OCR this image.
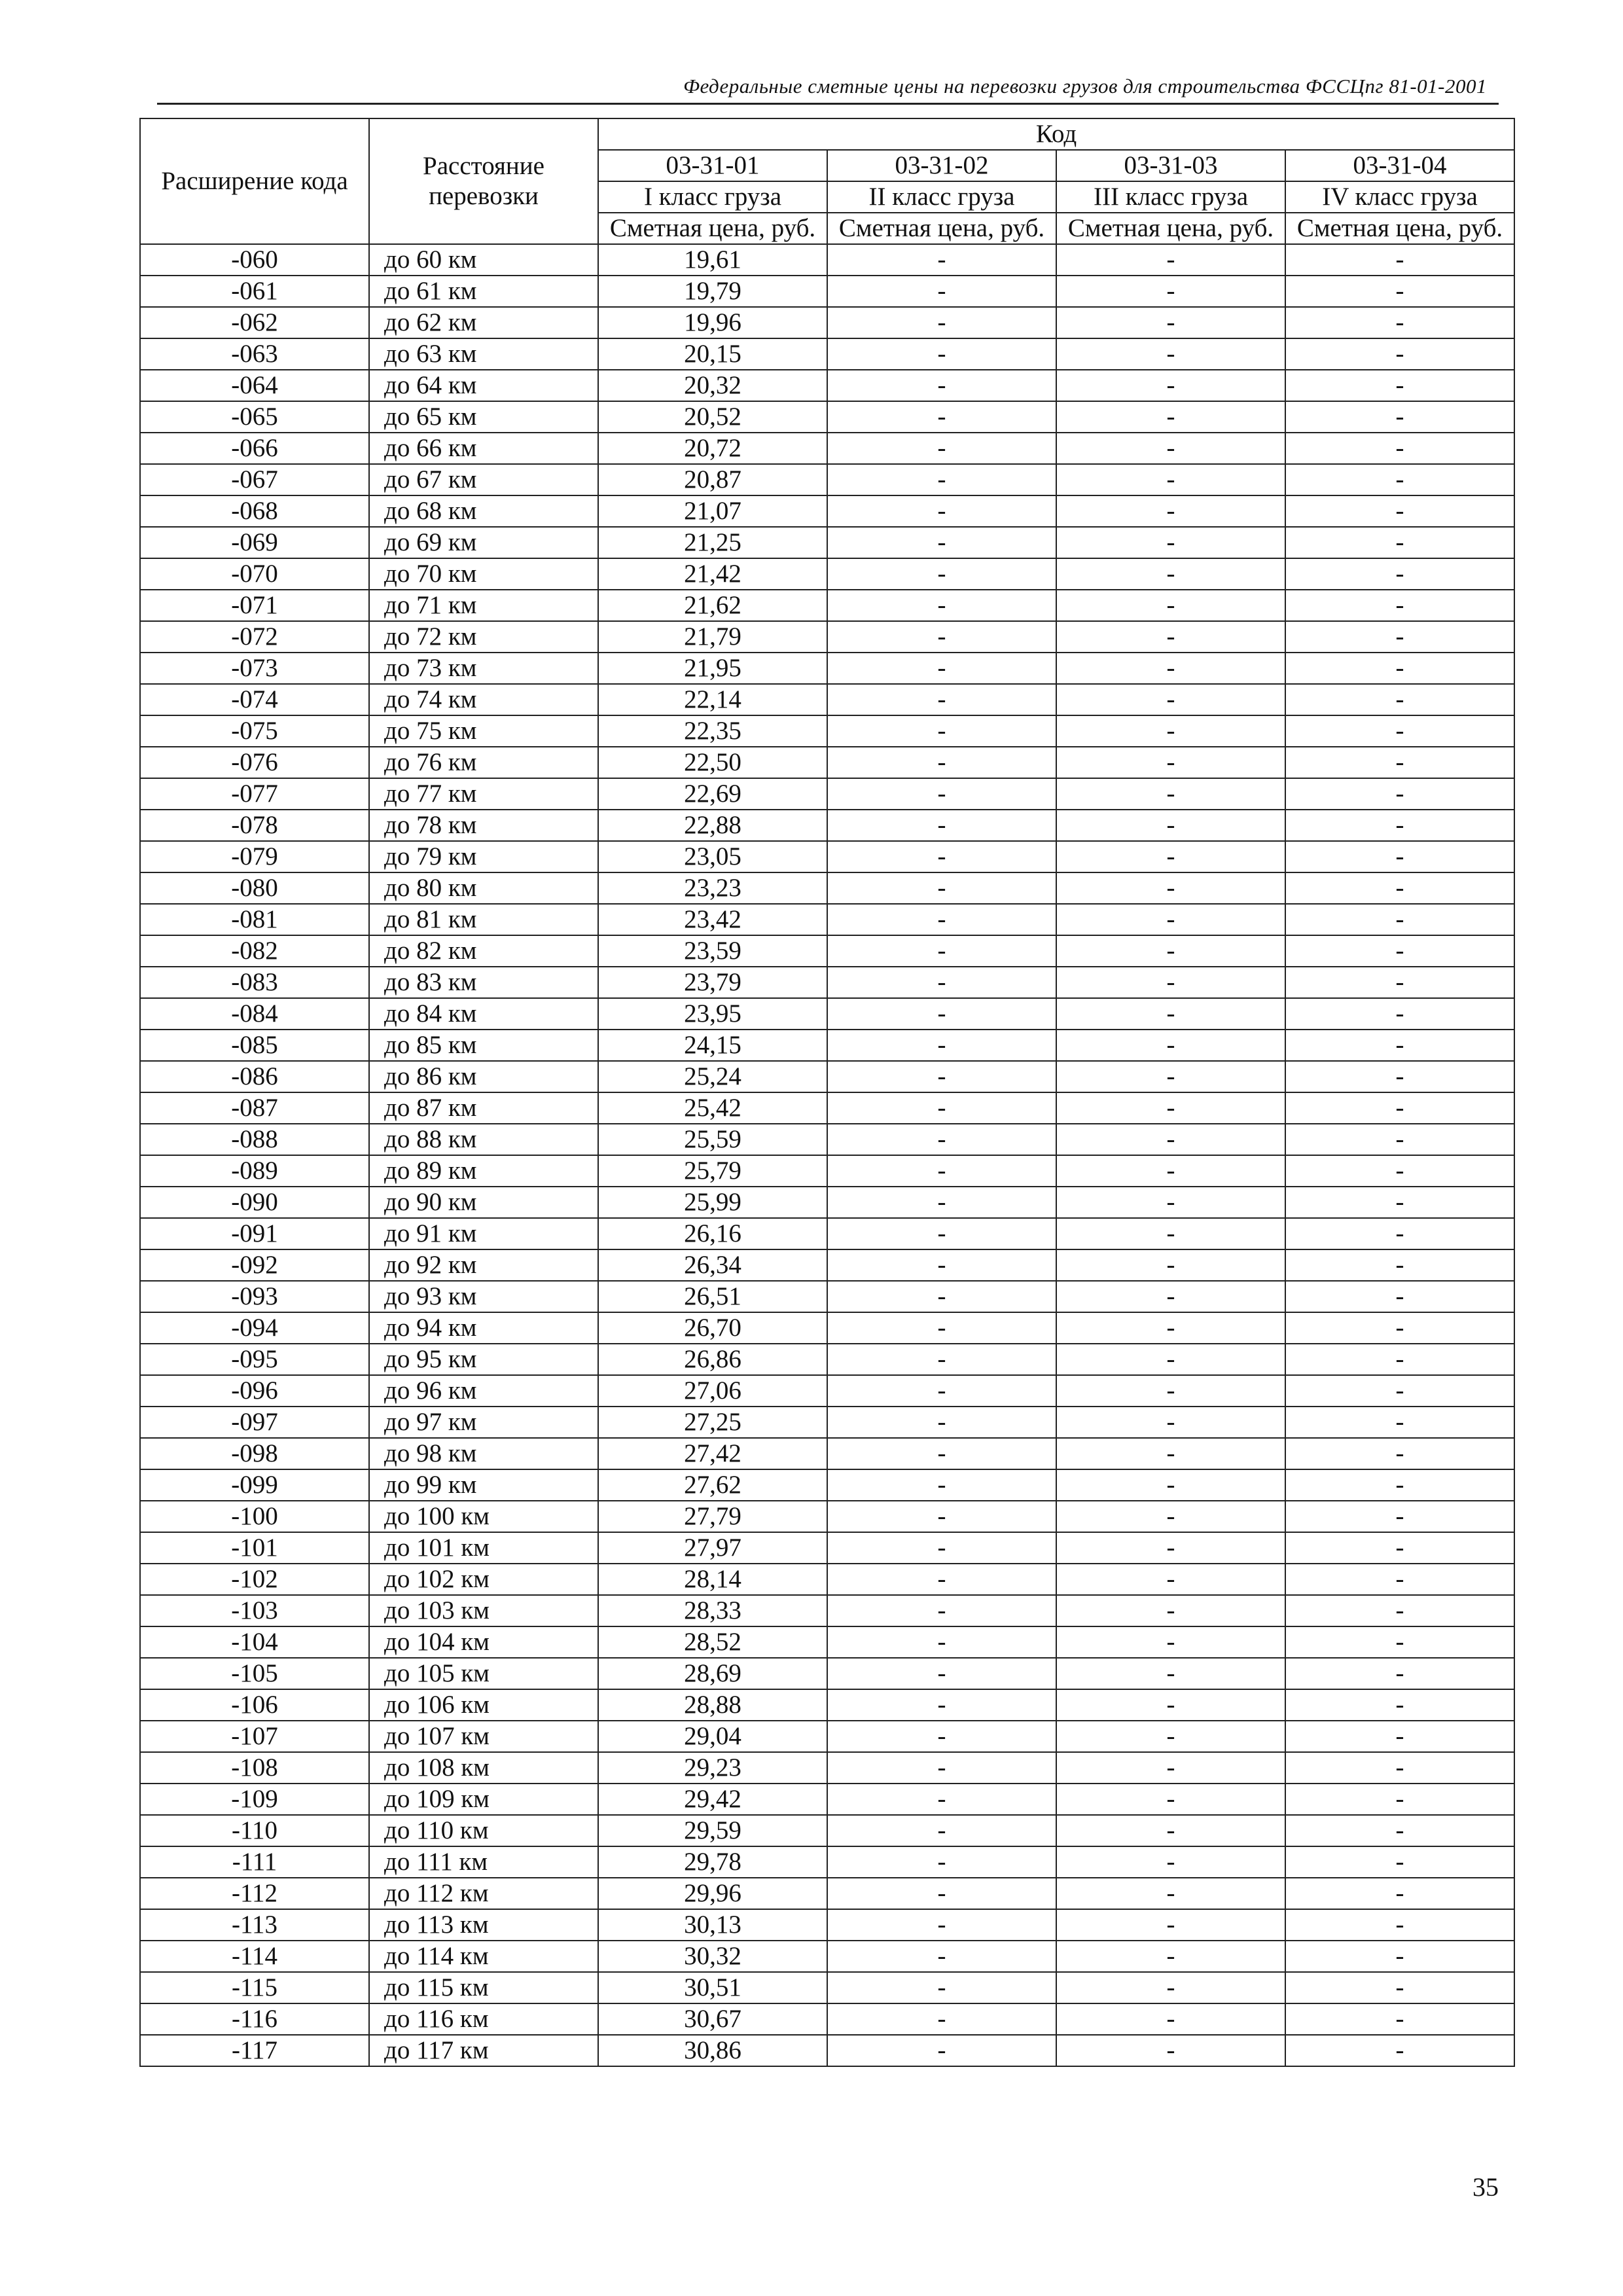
Федеральные сметные цены на перевозки грузов для строительства ФССЦпг 81-01-2001
Расширение кода	Расстояние перевозки	Код			
		03-31-01	03-31-02	03-31-03	03-31-04
		I класс груза	II класс груза	III класс груза	IV класс груза
		Сметная цена, руб.	Сметная цена, руб.	Сметная цена, руб.	Сметная цена, руб.
-060	до 60 км	19,61	-	-	-
-061	до 61 км	19,79	-	-	-
-062	до 62 км	19,96	-	-	-
-063	до 63 км	20,15	-	-	-
-064	до 64 км	20,32	-	-	-
-065	до 65 км	20,52	-	-	-
-066	до 66 км	20,72	-	-	-
-067	до 67 км	20,87	-	-	-
-068	до 68 км	21,07	-	-	-
-069	до 69 км	21,25	-	-	-
-070	до 70 км	21,42	-	-	-
-071	до 71 км	21,62	-	-	-
-072	до 72 км	21,79	-	-	-
-073	до 73 км	21,95	-	-	-
-074	до 74 км	22,14	-	-	-
-075	до 75 км	22,35	-	-	-
-076	до 76 км	22,50	-	-	-
-077	до 77 км	22,69	-	-	-
-078	до 78 км	22,88	-	-	-
-079	до 79 км	23,05	-	-	-
-080	до 80 км	23,23	-	-	-
-081	до 81 км	23,42	-	-	-
-082	до 82 км	23,59	-	-	-
-083	до 83 км	23,79	-	-	-
-084	до 84 км	23,95	-	-	-
-085	до 85 км	24,15	-	-	-
-086	до 86 км	25,24	-	-	-
-087	до 87 км	25,42	-	-	-
-088	до 88 км	25,59	-	-	-
-089	до 89 км	25,79	-	-	-
-090	до 90 км	25,99	-	-	-
-091	до 91 км	26,16	-	-	-
-092	до 92 км	26,34	-	-	-
-093	до 93 км	26,51	-	-	-
-094	до 94 км	26,70	-	-	-
-095	до 95 км	26,86	-	-	-
-096	до 96 км	27,06	-	-	-
-097	до 97 км	27,25	-	-	-
-098	до 98 км	27,42	-	-	-
-099	до 99 км	27,62	-	-	-
-100	до 100 км	27,79	-	-	-
-101	до 101 км	27,97	-	-	-
-102	до 102 км	28,14	-	-	-
-103	до 103 км	28,33	-	-	-
-104	до 104 км	28,52	-	-	-
-105	до 105 км	28,69	-	-	-
-106	до 106 км	28,88	-	-	-
-107	до 107 км	29,04	-	-	-
-108	до 108 км	29,23	-	-	-
-109	до 109 км	29,42	-	-	-
-110	до 110 км	29,59	-	-	-
-111	до 111 км	29,78	-	-	-
-112	до 112 км	29,96	-	-	-
-113	до 113 км	30,13	-	-	-
-114	до 114 км	30,32	-	-	-
-115	до 115 км	30,51	-	-	-
-116	до 116 км	30,67	-	-	-
-117	до 117 км	30,86	-	-	-
35
